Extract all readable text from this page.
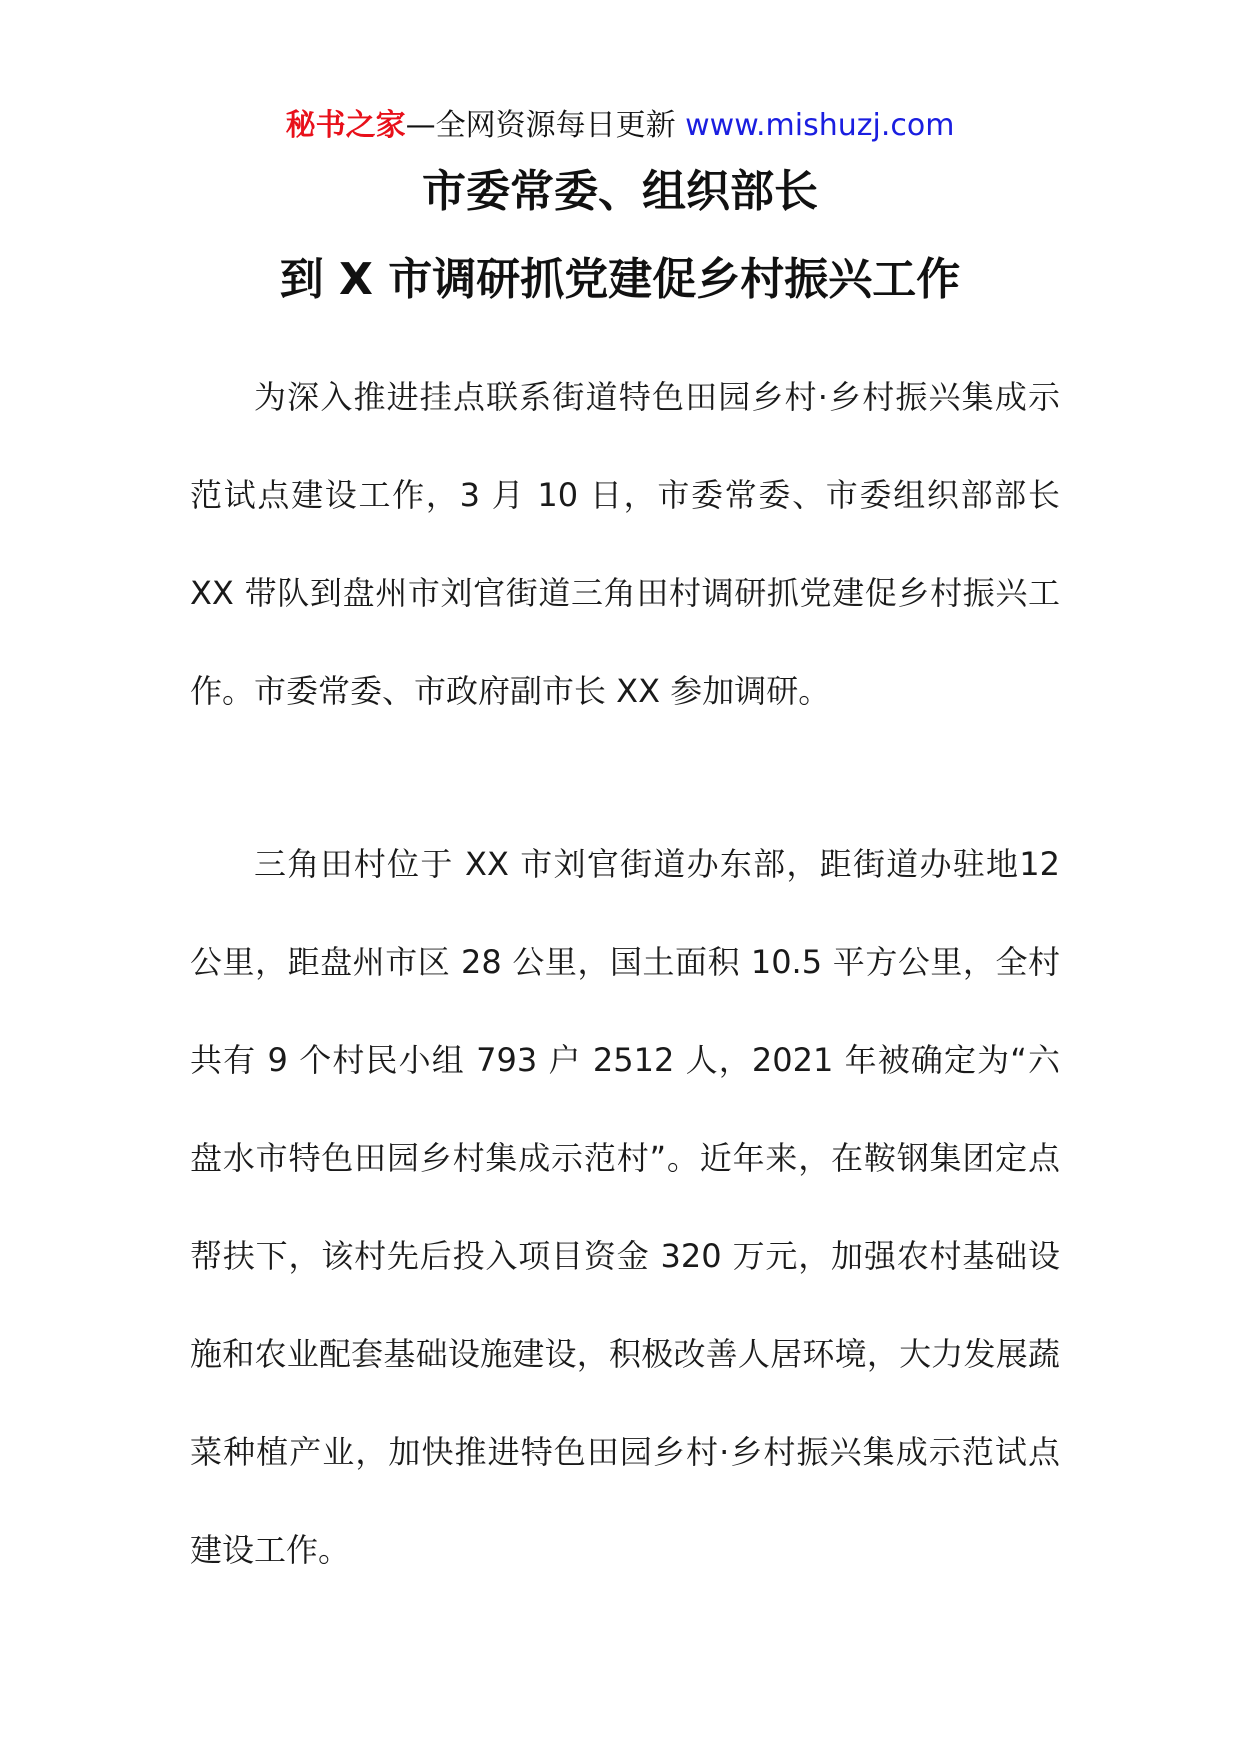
秘书之家—全网资源每日更新 www.mishuzj.com
市委常委、组织部长
到 X 市调研抓党建促乡村振兴工作

为深入推进挂点联系街道特色田园乡村·乡村振兴集成示范试点建设工作，3 月 10 日，市委常委、市委组织部部长 XX 带队到盘州市刘官街道三角田村调研抓党建促乡村振兴工作。市委常委、市政府副市长 XX 参加调研。

三角田村位于 XX 市刘官街道办东部，距街道办驻地12 公里，距盘州市区 28 公里，国土面积 10.5 平方公里，全村共有 9 个村民小组 793 户 2512 人，2021 年被确定为“六盘水市特色田园乡村集成示范村”。近年来，在鞍钢集团定点帮扶下，该村先后投入项目资金 320 万元，加强农村基础设施和农业配套基础设施建设，积极改善人居环境，大力发展蔬菜种植产业，加快推进特色田园乡村·乡村振兴集成示范试点建设工作。
